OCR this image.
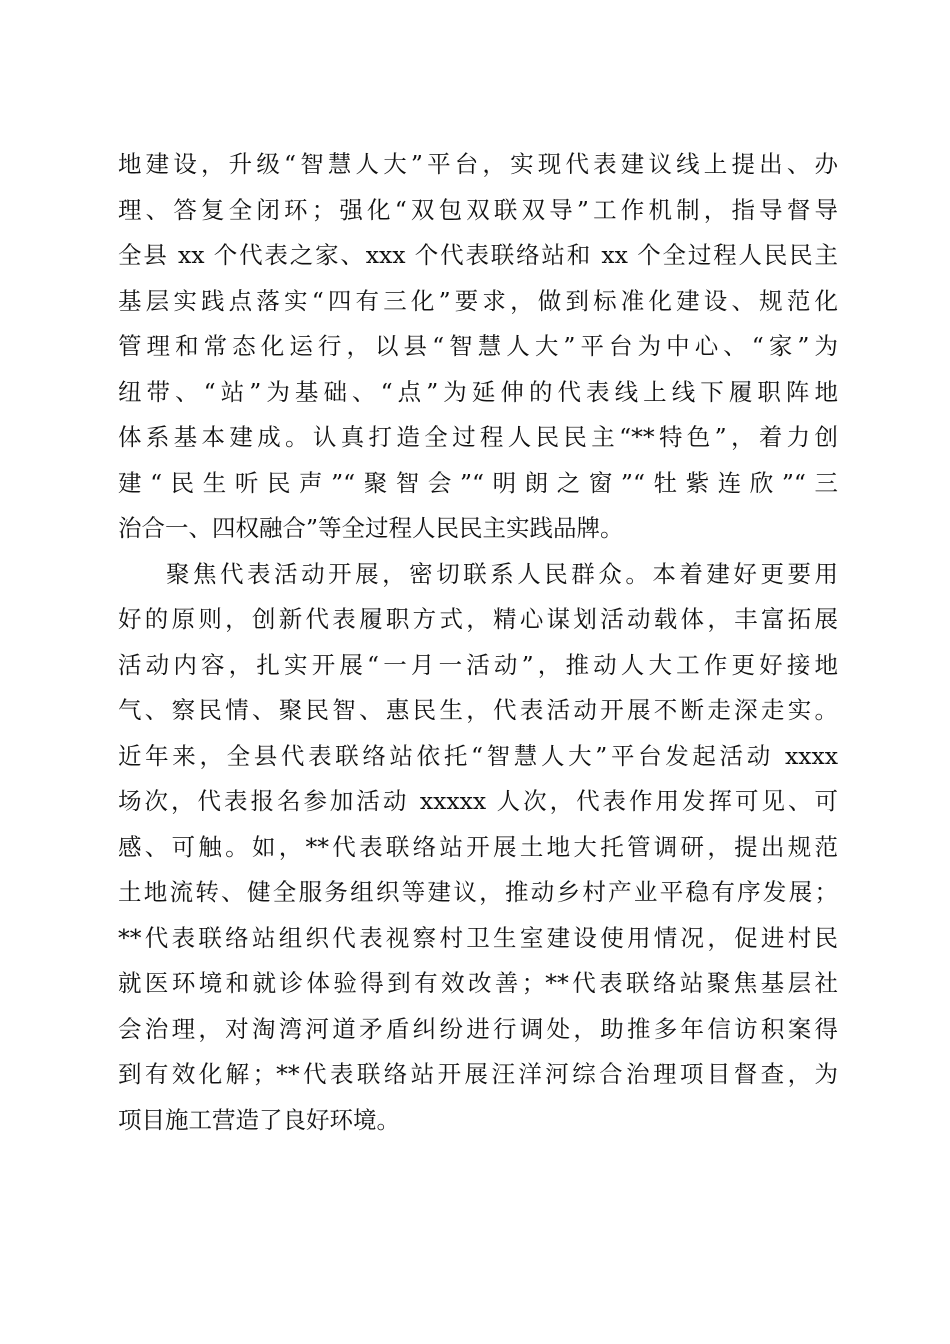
地建设，升级“智慧人大”平台，实现代表建议线上提出、办
理、答复全闭环；强化“双包双联双导”工作机制，指导督导
全县 xx 个代表之家、xxx 个代表联络站和 xx 个全过程人民民主
基层实践点落实“四有三化”要求，做到标准化建设、规范化
管理和常态化运行，以县“智慧人大”平台为中心、“家”为
纽带、“站”为基础、“点”为延伸的代表线上线下履职阵地
体系基本建成。认真打造全过程人民民主“**特色”，着力创
建“民生听民声”“聚智会”“明朗之窗”“牡紫连欣”“三
治合一、四权融合”等全过程人民民主实践品牌。
聚焦代表活动开展，密切联系人民群众。本着建好更要用
好的原则，创新代表履职方式，精心谋划活动载体，丰富拓展
活动内容，扎实开展“一月一活动”，推动人大工作更好接地
气、察民情、聚民智、惠民生，代表活动开展不断走深走实。
近年来，全县代表联络站依托“智慧人大”平台发起活动 xxxx
场次，代表报名参加活动 xxxxx 人次，代表作用发挥可见、可
感、可触。如，**代表联络站开展土地大托管调研，提出规范
土地流转、健全服务组织等建议，推动乡村产业平稳有序发展；
**代表联络站组织代表视察村卫生室建设使用情况，促进村民
就医环境和就诊体验得到有效改善；**代表联络站聚焦基层社
会治理，对淘湾河道矛盾纠纷进行调处，助推多年信访积案得
到有效化解；**代表联络站开展汪洋河综合治理项目督查，为
项目施工营造了良好环境。
